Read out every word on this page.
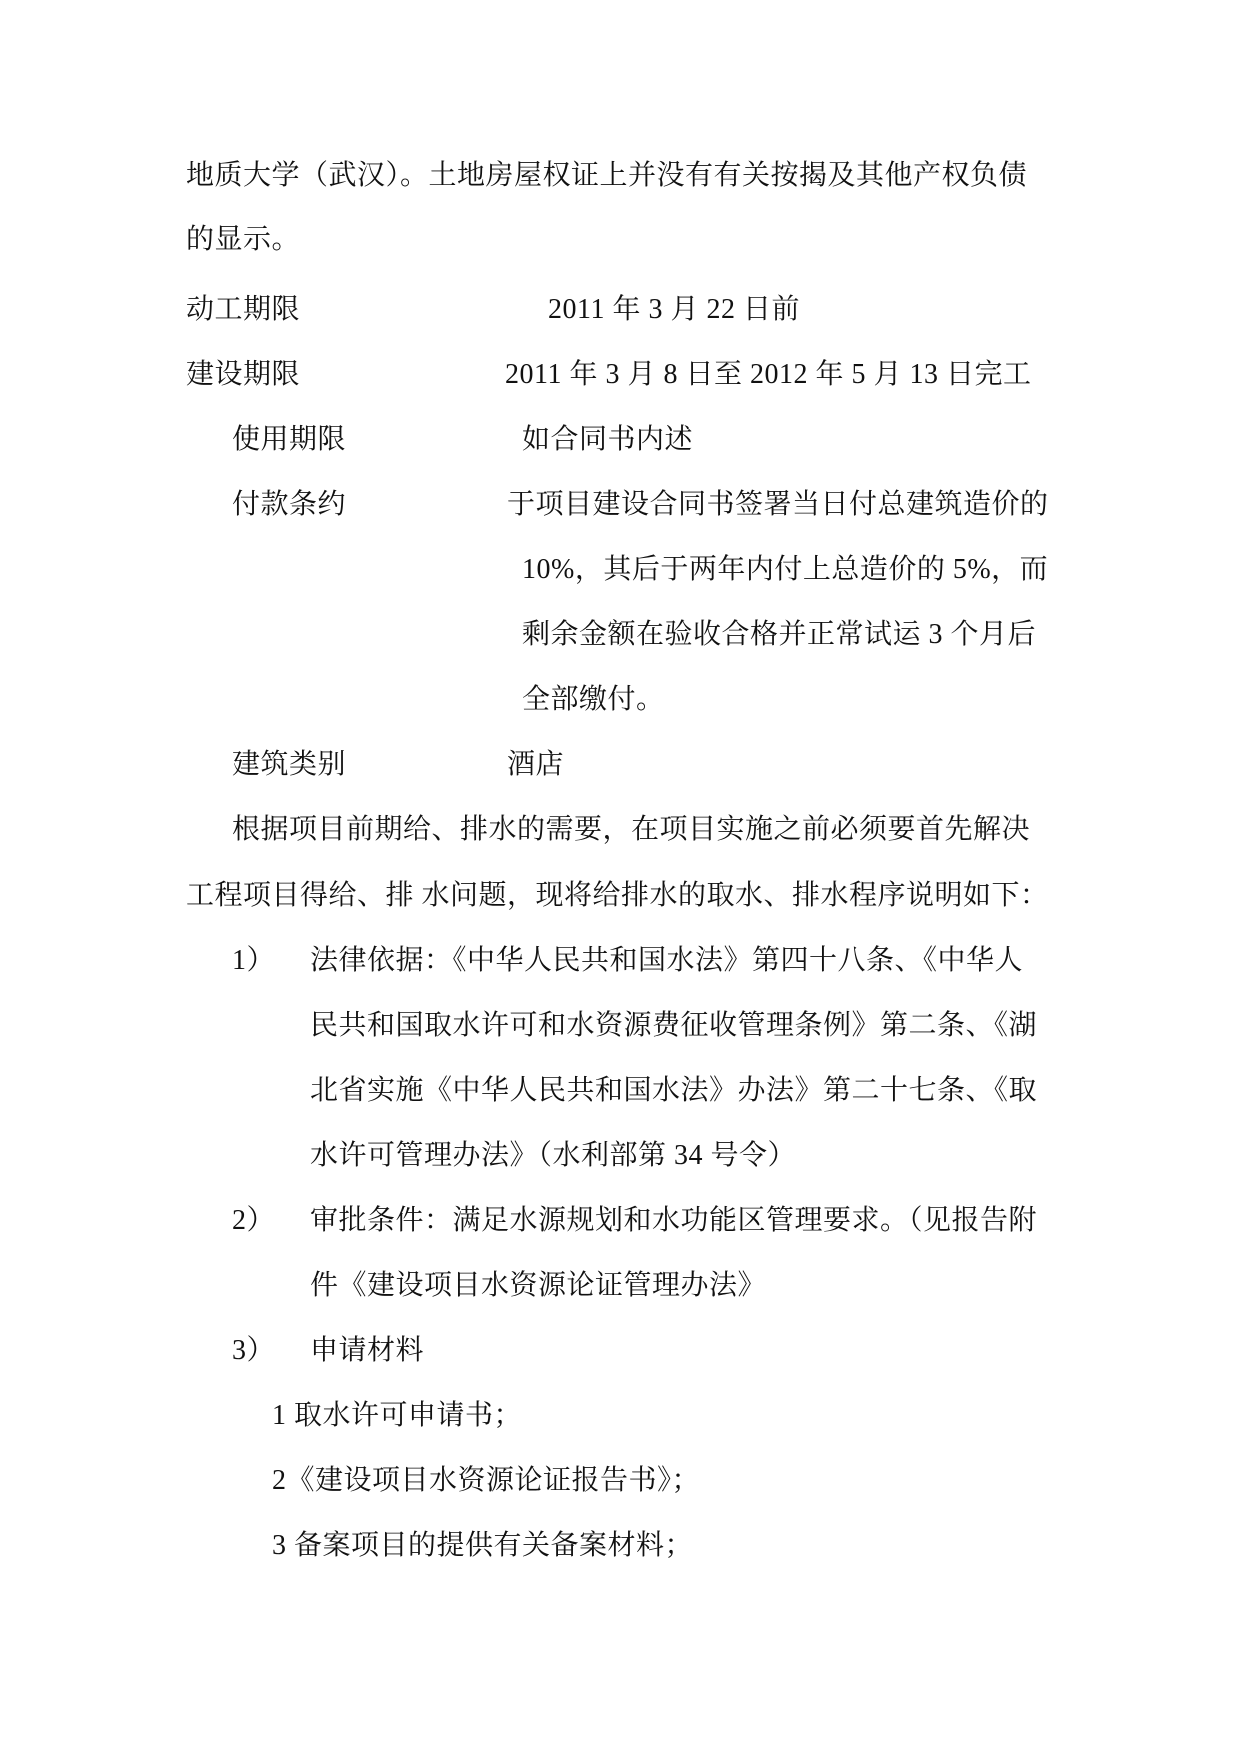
地质大学（武汉）。土地房屋权证上并没有有关按揭及其他产权负债
的显示。
动工期限	2011 年 3 月 22 日前
建设期限	2011 年 3 月 8 日至 2012 年 5 月 13 日完工
使用期限	如合同书内述
付款条约	于项目建设合同书签署当日付总建筑造价的
10%，其后于两年内付上总造价的 5%，而
剩余金额在验收合格并正常试运 3 个月后
全部缴付。
建筑类别	酒店
根据项目前期给、排水的需要，在项目实施之前必须要首先解决
工程项目得给、排 水问题，现将给排水的取水、排水程序说明如下：
1） 法律依据：《中华人民共和国水法》第四十八条、《中华人
民共和国取水许可和水资源费征收管理条例》第二条、《湖
北省实施《中华人民共和国水法》办法》第二十七条、《取
水许可管理办法》（水利部第 34 号令）
2） 审批条件：满足水源规划和水功能区管理要求。（见报告附
件《建设项目水资源论证管理办法》
3） 申请材料
1 取水许可申请书；
2《建设项目水资源论证报告书》；
3 备案项目的提供有关备案材料；
